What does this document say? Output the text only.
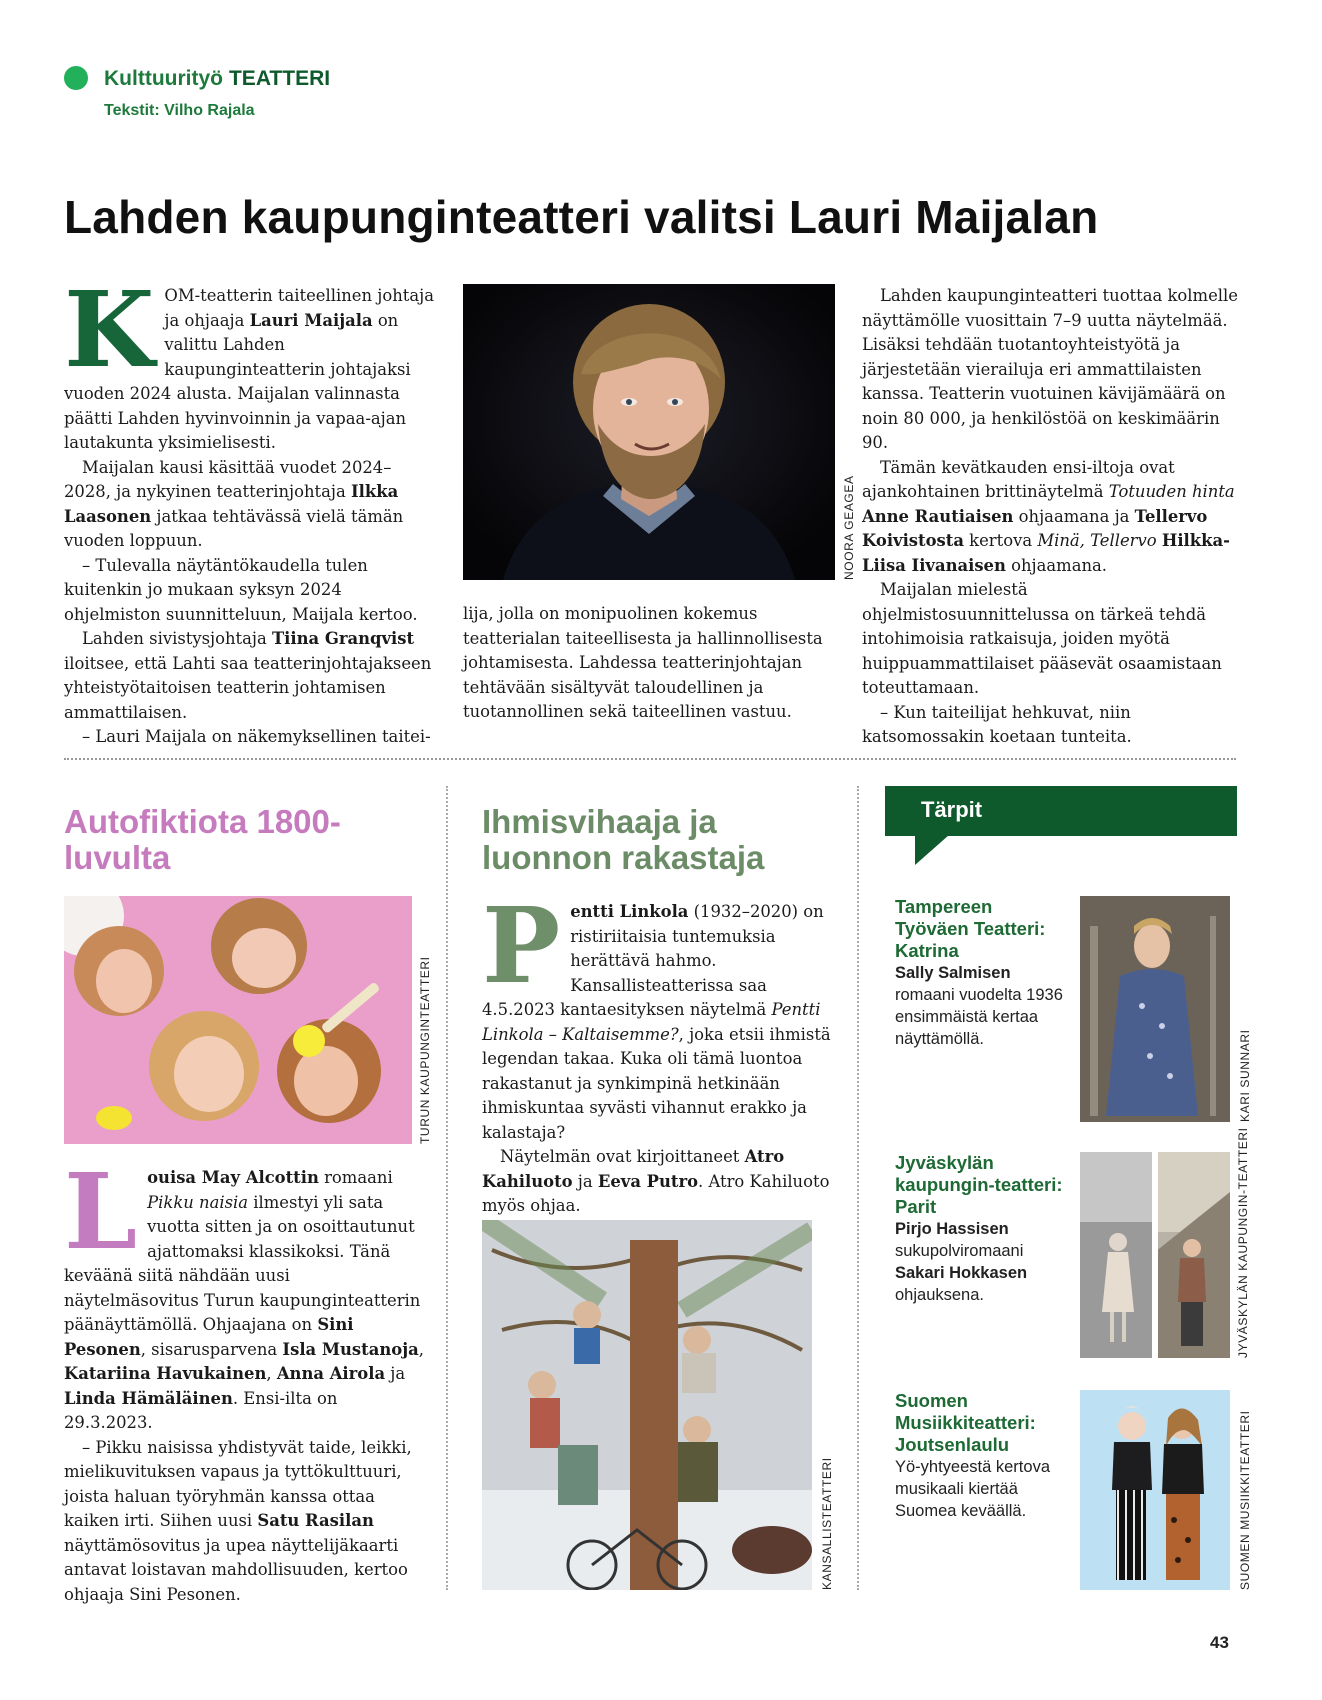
Kulttuurityö TEATTERI
Tekstit: Vilho Rajala
Lahden kaupunginteatteri valitsi Lauri Maijalan

KOM-teatterin taiteellinen johtaja ja ohjaaja Lauri Maijala on valittu Lahden kaupunginteatterin johtajaksi vuoden 2024 alusta. Maijalan valinnasta päätti Lahden hyvinvoinnin ja vapaa-ajan lautakunta yksimielisesti.

Maijalan kausi käsittää vuodet 2024–2028, ja nykyinen teatterinjohtaja Ilkka Laasonen jatkaa tehtävässä vielä tämän vuoden loppuun.

– Tulevalla näytäntökaudella tulen kuitenkin jo mukaan syksyn 2024 ohjelmiston suunnitteluun, Maijala kertoo.

Lahden sivistysjohtaja Tiina Granqvist iloitsee, että Lahti saa teatterinjohtajakseen yhteistyötaitoisen teatterin johtamisen ammattilaisen.

– Lauri Maijala on näkemyksellinen taitei-

NOORA GEAGEA

lija, jolla on monipuolinen kokemus teatterialan taiteellisesta ja hallinnollisesta johtamisesta. Lahdessa teatterinjohtajan tehtävään sisältyvät taloudellinen ja tuotannollinen sekä taiteellinen vastuu.

Lahden kaupunginteatteri tuottaa kolmelle näyttämölle vuosittain 7–9 uutta näytelmää. Lisäksi tehdään tuotantoyhteistyötä ja järjestetään vierailuja eri ammattilaisten kanssa. Teatterin vuotuinen kävijämäärä on noin 80 000, ja henkilöstöä on keskimäärin 90.

Tämän kevätkauden ensi-iltoja ovat ajankohtainen brittinäytelmä Totuuden hinta Anne Rautiaisen ohjaamana ja Tellervo Koivistosta kertova Minä, Tellervo Hilkka-Liisa Iivanaisen ohjaamana.

Maijalan mielestä ohjelmistosuunnittelussa on tärkeä tehdä intohimoisia ratkaisuja, joiden myötä huippuammattilaiset pääsevät osaamistaan toteuttamaan.

– Kun taiteilijat hehkuvat, niin katsomossakin koetaan tunteita.

Autofiktiota 1800-luvulta
TURUN KAUPUNGINTEATTERI

Louisa May Alcottin romaani Pikku naisia ilmestyi yli sata vuotta sitten ja on osoittautunut ajattomaksi klassikoksi. Tänä keväänä siitä nähdään uusi näytelmäsovitus Turun kaupunginteatterin päänäyttämöllä. Ohjaajana on Sini Pesonen, sisarusparvena Isla Mustanoja, Katariina Havukainen, Anna Airola ja Linda Hämäläinen. Ensi-ilta on 29.3.2023.

– Pikku naisissa yhdistyvät taide, leikki, mielikuvituksen vapaus ja tyttökulttuuri, joista haluan työryhmän kanssa ottaa kaiken irti. Siihen uusi Satu Rasilan näyttämösovitus ja upea näyttelijäkaarti antavat loistavan mahdollisuuden, kertoo ohjaaja Sini Pesonen.

Ihmisvihaaja ja luonnon rakastaja

Pentti Linkola (1932–2020) on ristiriitaisia tuntemuksia herättävä hahmo. Kansallisteatterissa saa 4.5.2023 kantaesityksen näytelmä Pentti Linkola – Kaltaisemme?, joka etsii ihmistä legendan takaa. Kuka oli tämä luontoa rakastanut ja synkimpinä hetkinään ihmiskuntaa syvästi vihannut erakko ja kalastaja?

Näytelmän ovat kirjoittaneet Atro Kahiluoto ja Eeva Putro. Atro Kahiluoto myös ohjaa.

KANSALLISTEATTERI
Tärpit
Tampereen Työväen Teatteri: Katrina
Sally Salmisen
romaani vuodelta 1936 ensimmäistä kertaa näyttämöllä.	KARI SUNNARI
Jyväskylän kaupungin-teatteri: Parit
Pirjo Hassisen
sukupolviromaani
Sakari Hokkasen
ohjauksena.	JYVÄSKYLÄN KAUPUNGIN-TEATTERI
Suomen Musiikkiteatteri: Joutsenlaulu
Yö-yhtyeestä kertova musikaali kiertää Suomea keväällä.	SUOMEN MUSIIKKITEATTERI
43
